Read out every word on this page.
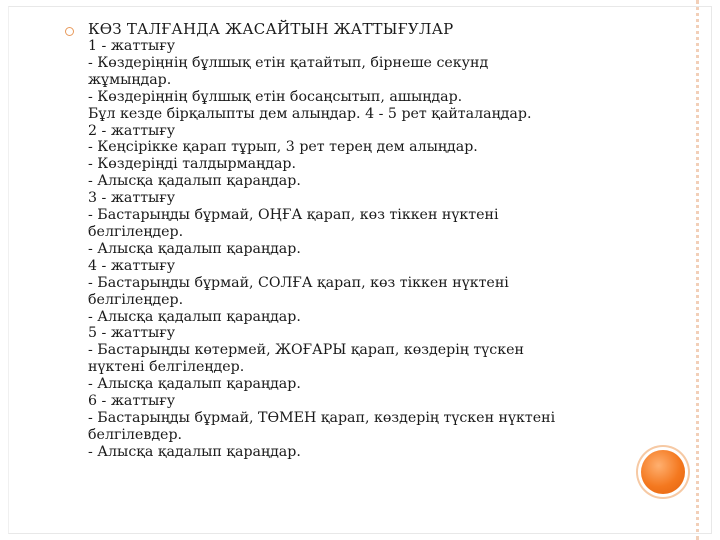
КӨЗ ТАЛҒАНДА ЖАСАЙТЫН ЖАТТЫҒУЛАР
1 - жаттығу
- Көздеріңнің бұлшық етін қатайтып, бірнеше секунд
жұмыңдар.
- Көздеріңнің бұлшық етін босаңсытып, ашыңдар.
Бұл кезде бірқалыпты дем алыңдар. 4 - 5 рет қайталаңдар.
2 - жаттығу
- Кеңсірікке қарап тұрып, 3 рет терең дем алыңдар.
- Көздеріңді талдырмаңдар.
- Алысқа қадалып қараңдар.
3 - жаттығу
- Бастарыңды бұрмай, ОҢҒА қарап, көз тіккен нүктені
белгілеңдер.
- Алысқа қадалып қараңдар.
4 - жаттығу
- Бастарыңды бұрмай, СОЛҒА қарап, көз тіккен нүктені
белгілеңдер.
- Алысқа қадалып қараңдар.
5 - жаттығу
- Бастарыңды көтермей, ЖОҒАРЫ қарап, көздерің түскен
нүктені белгілеңдер.
- Алысқа қадалып қараңдар.
6 - жаттығу
- Бастарыңды бұрмай, ТӨМЕН қарап, көздерің түскен нүктені
белгілевдер.
- Алысқа қадалып қараңдар.
